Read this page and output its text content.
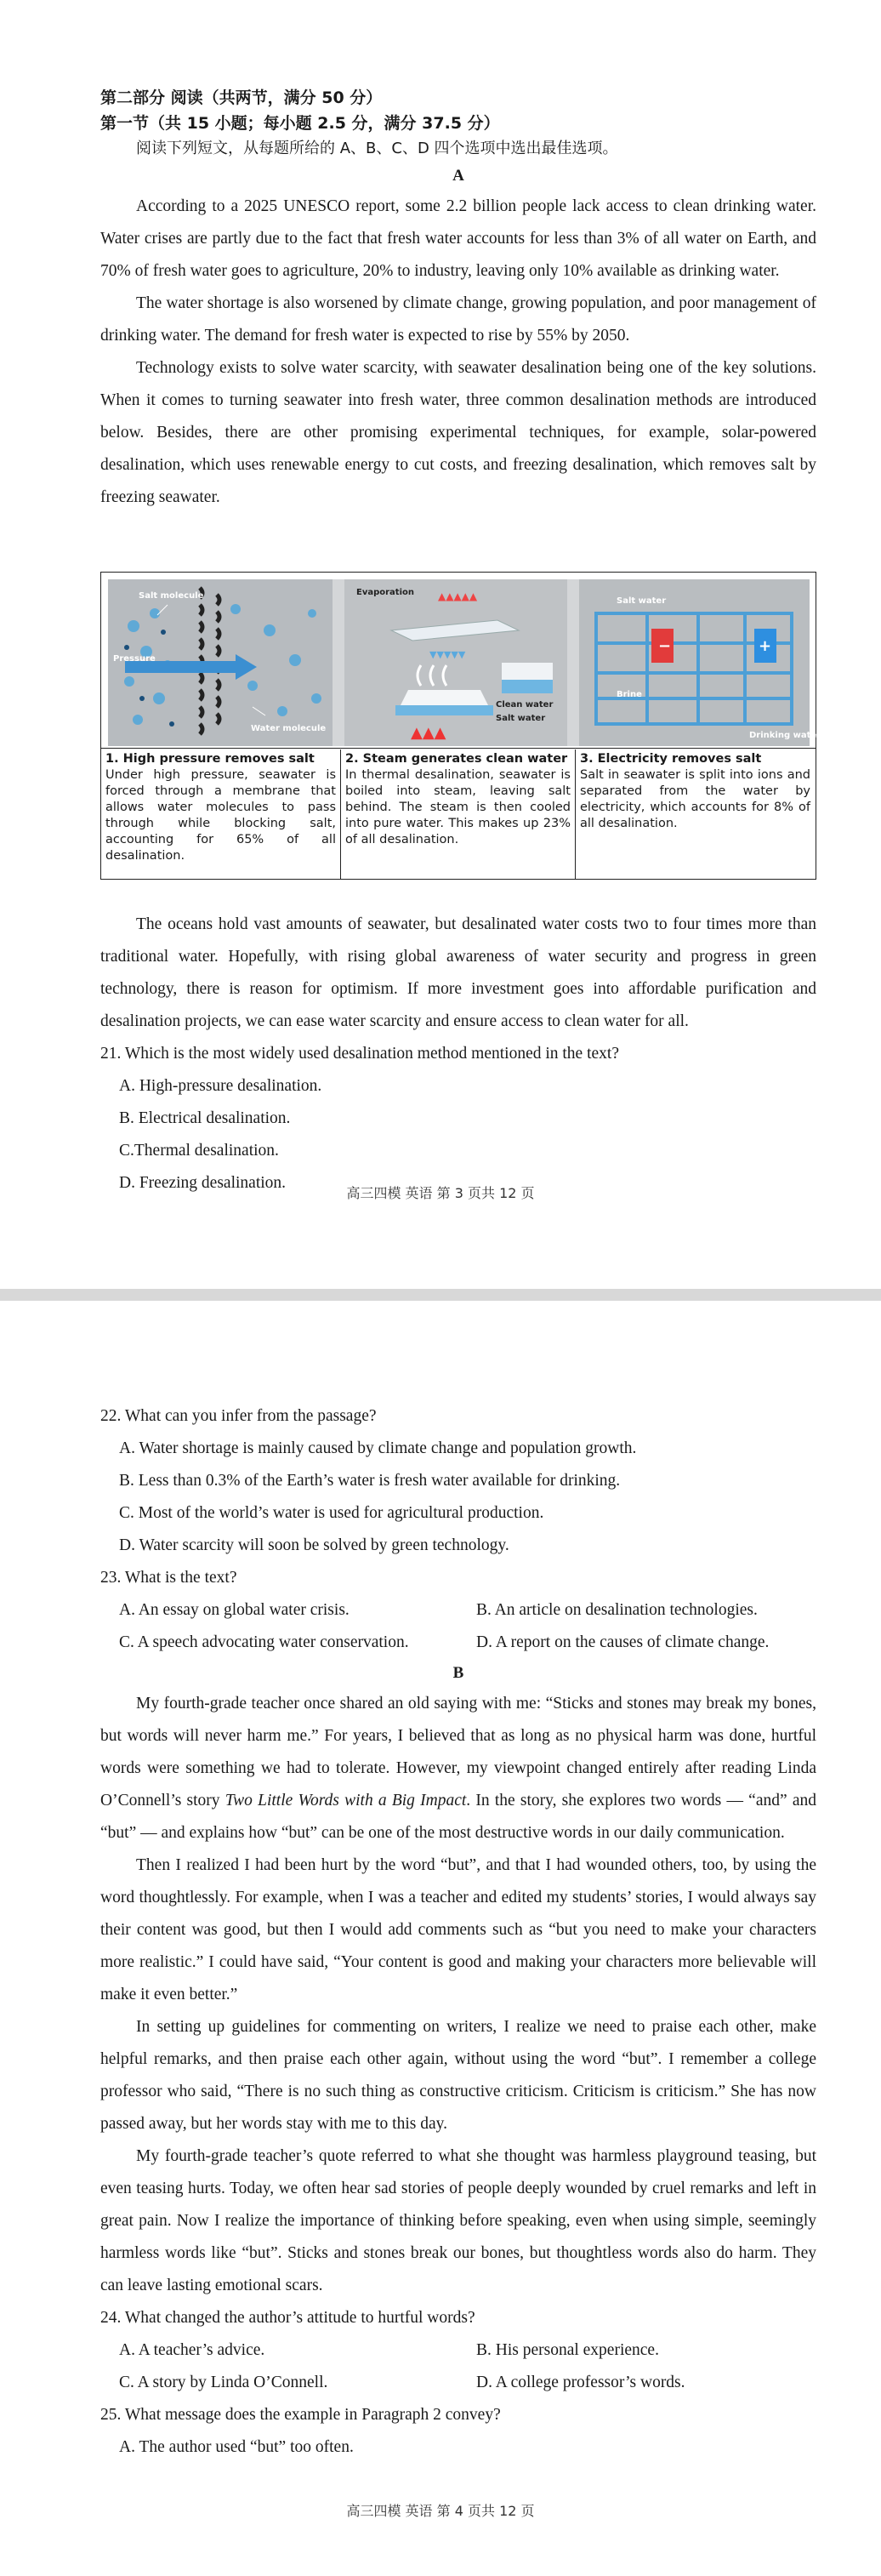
第二部分 阅读（共两节，满分 50 分）

第一节（共 15 小题；每小题 2.5 分，满分 37.5 分）

阅读下列短文，从每题所给的 A、B、C、D 四个选项中选出最佳选项。

A

According to a 2025 UNESCO report, some 2.2 billion people lack access to clean drinking water. Water crises are partly due to the fact that fresh water accounts for less than 3% of all water on Earth, and 70% of fresh water goes to agriculture, 20% to industry, leaving only 10% available as drinking water.

The water shortage is also worsened by climate change, growing population, and poor management of drinking water. The demand for fresh water is expected to rise by 55% by 2050.

Technology exists to solve water scarcity, with seawater desalination being one of the key solutions. When it comes to turning seawater into fresh water, three common desalination methods are introduced below. Besides, there are other promising experimental techniques, for example, solar-powered desalination, which uses renewable energy to cut costs, and freezing desalination, which removes salt by freezing seawater.

Salt molecule
Pressure
Water molecule
▲▲▲▲▲
▼▼▼▼▼
▲▲▲
Evaporation
Clean water
Salt water
−	+
Salt water
Brine
Drinking water
1. High pressure removes salt
Under high pressure, seawater is forced through a membrane that allows water molecules to pass through while blocking salt, accounting for 65% of all desalination.
2. Steam generates clean water
In thermal desalination, seawater is boiled into steam, leaving salt behind. The steam is then cooled into pure water. This makes up 23% of all desalination.
3. Electricity removes salt
Salt in seawater is split into ions and separated from the water by electricity, which accounts for 8% of all desalination.

The oceans hold vast amounts of seawater, but desalinated water costs two to four times more than traditional water. Hopefully, with rising global awareness of water security and progress in green technology, there is reason for optimism. If more investment goes into affordable purification and desalination projects, we can ease water scarcity and ensure access to clean water for all.

21. Which is the most widely used desalination method mentioned in the text?

A. High-pressure desalination.
B. Electrical desalination.
C.Thermal desalination.
D. Freezing desalination.
高三四模 英语 第 3 页共 12 页

22. What can you infer from the passage?

A. Water shortage is mainly caused by climate change and population growth.
B. Less than 0.3% of the Earth’s water is fresh water available for drinking.
C. Most of the world’s water is used for agricultural production.
D. Water scarcity will soon be solved by green technology.

23. What is the text?

A. An essay on global water crisis.	B. An article on desalination technologies.
C. A speech advocating water conservation.	D. A report on the causes of climate change.

B

My fourth-grade teacher once shared an old saying with me: “Sticks and stones may break my bones, but words will never harm me.” For years, I believed that as long as no physical harm was done, hurtful words were something we had to tolerate. However, my viewpoint changed entirely after reading Linda O’Connell’s story Two Little Words with a Big Impact. In the story, she explores two words — “and” and “but” — and explains how “but” can be one of the most destructive words in our daily communication.

Then I realized I had been hurt by the word “but”, and that I had wounded others, too, by using the word thoughtlessly. For example, when I was a teacher and edited my students’ stories, I would always say their content was good, but then I would add comments such as “but you need to make your characters more realistic.” I could have said, “Your content is good and making your characters more believable will make it even better.”

In setting up guidelines for commenting on writers, I realize we need to praise each other, make helpful remarks, and then praise each other again, without using the word “but”. I remember a college professor who said, “There is no such thing as constructive criticism. Criticism is criticism.” She has now passed away, but her words stay with me to this day.

My fourth-grade teacher’s quote referred to what she thought was harmless playground teasing, but even teasing hurts. Today, we often hear sad stories of people deeply wounded by cruel remarks and left in great pain. Now I realize the importance of thinking before speaking, even when using simple, seemingly harmless words like “but”. Sticks and stones break our bones, but thoughtless words also do harm. They can leave lasting emotional scars.

24. What changed the author’s attitude to hurtful words?

A. A teacher’s advice.	B. His personal experience.
C. A story by Linda O’Connell.	D. A college professor’s words.

25. What message does the example in Paragraph 2 convey?

A. The author used “but” too often.
高三四模 英语 第 4 页共 12 页
